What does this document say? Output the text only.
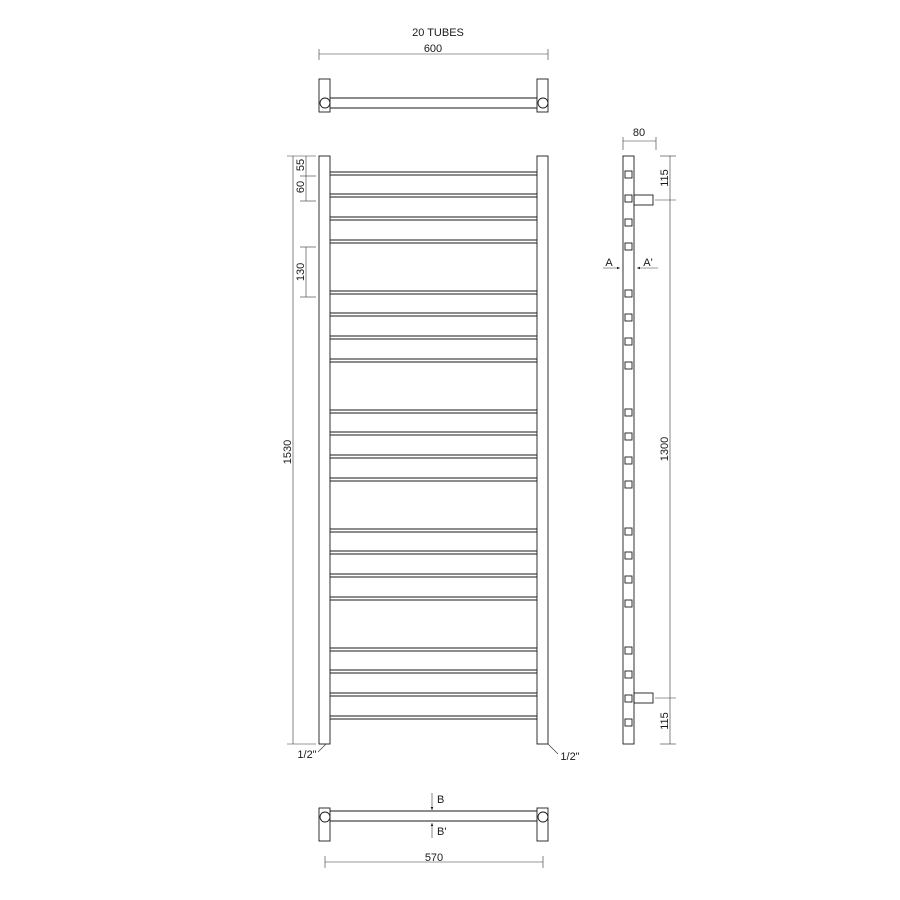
20 TUBES
600
1530
60
55
130
1/2"	1/2"
80
A	A'
115
1300
115
B
B'
570
